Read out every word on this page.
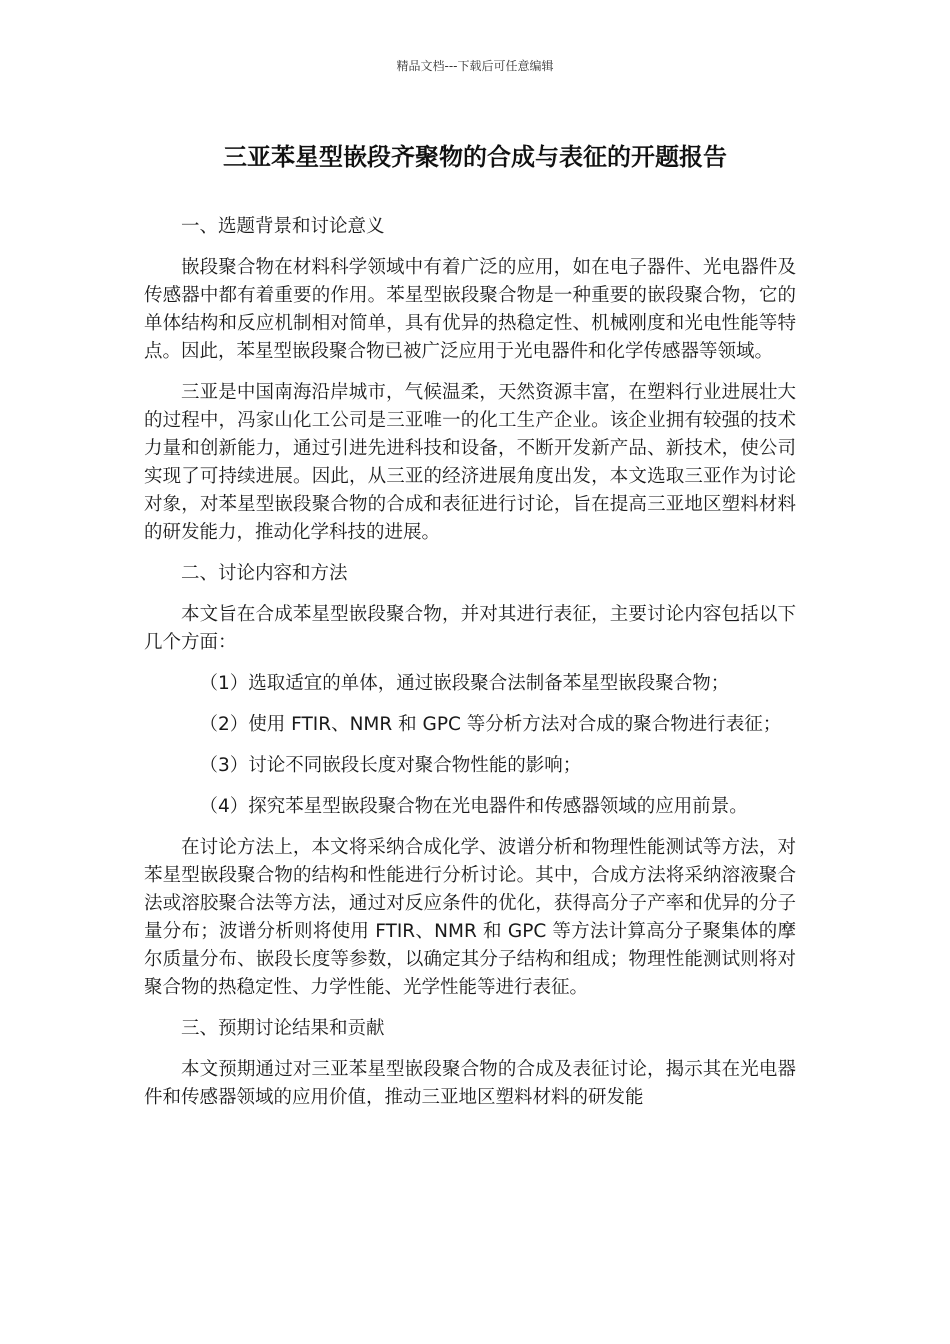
精品文档---下载后可任意编辑
三亚苯星型嵌段齐聚物的合成与表征的开题报告

一、选题背景和讨论意义

嵌段聚合物在材料科学领域中有着广泛的应用，如在电子器件、光电器件及传感器中都有着重要的作用。苯星型嵌段聚合物是一种重要的嵌段聚合物，它的单体结构和反应机制相对简单，具有优异的热稳定性、机械刚度和光电性能等特点。因此，苯星型嵌段聚合物已被广泛应用于光电器件和化学传感器等领域。

三亚是中国南海沿岸城市，气候温柔，天然资源丰富，在塑料行业进展壮大的过程中，冯家山化工公司是三亚唯一的化工生产企业。该企业拥有较强的技术力量和创新能力，通过引进先进科技和设备，不断开发新产品、新技术，使公司实现了可持续进展。因此，从三亚的经济进展角度出发，本文选取三亚作为讨论对象，对苯星型嵌段聚合物的合成和表征进行讨论，旨在提高三亚地区塑料材料的研发能力，推动化学科技的进展。

二、讨论内容和方法

本文旨在合成苯星型嵌段聚合物，并对其进行表征，主要讨论内容包括以下几个方面：

（1）选取适宜的单体，通过嵌段聚合法制备苯星型嵌段聚合物；

（2）使用 FTIR、NMR 和 GPC 等分析方法对合成的聚合物进行表征；

（3）讨论不同嵌段长度对聚合物性能的影响；

（4）探究苯星型嵌段聚合物在光电器件和传感器领域的应用前景。

在讨论方法上，本文将采纳合成化学、波谱分析和物理性能测试等方法，对苯星型嵌段聚合物的结构和性能进行分析讨论。其中，合成方法将采纳溶液聚合法或溶胶聚合法等方法，通过对反应条件的优化，获得高分子产率和优异的分子量分布；波谱分析则将使用 FTIR、NMR 和 GPC 等方法计算高分子聚集体的摩尔质量分布、嵌段长度等参数，以确定其分子结构和组成；物理性能测试则将对聚合物的热稳定性、力学性能、光学性能等进行表征。

三、预期讨论结果和贡献

本文预期通过对三亚苯星型嵌段聚合物的合成及表征讨论，揭示其在光电器件和传感器领域的应用价值，推动三亚地区塑料材料的研发能
